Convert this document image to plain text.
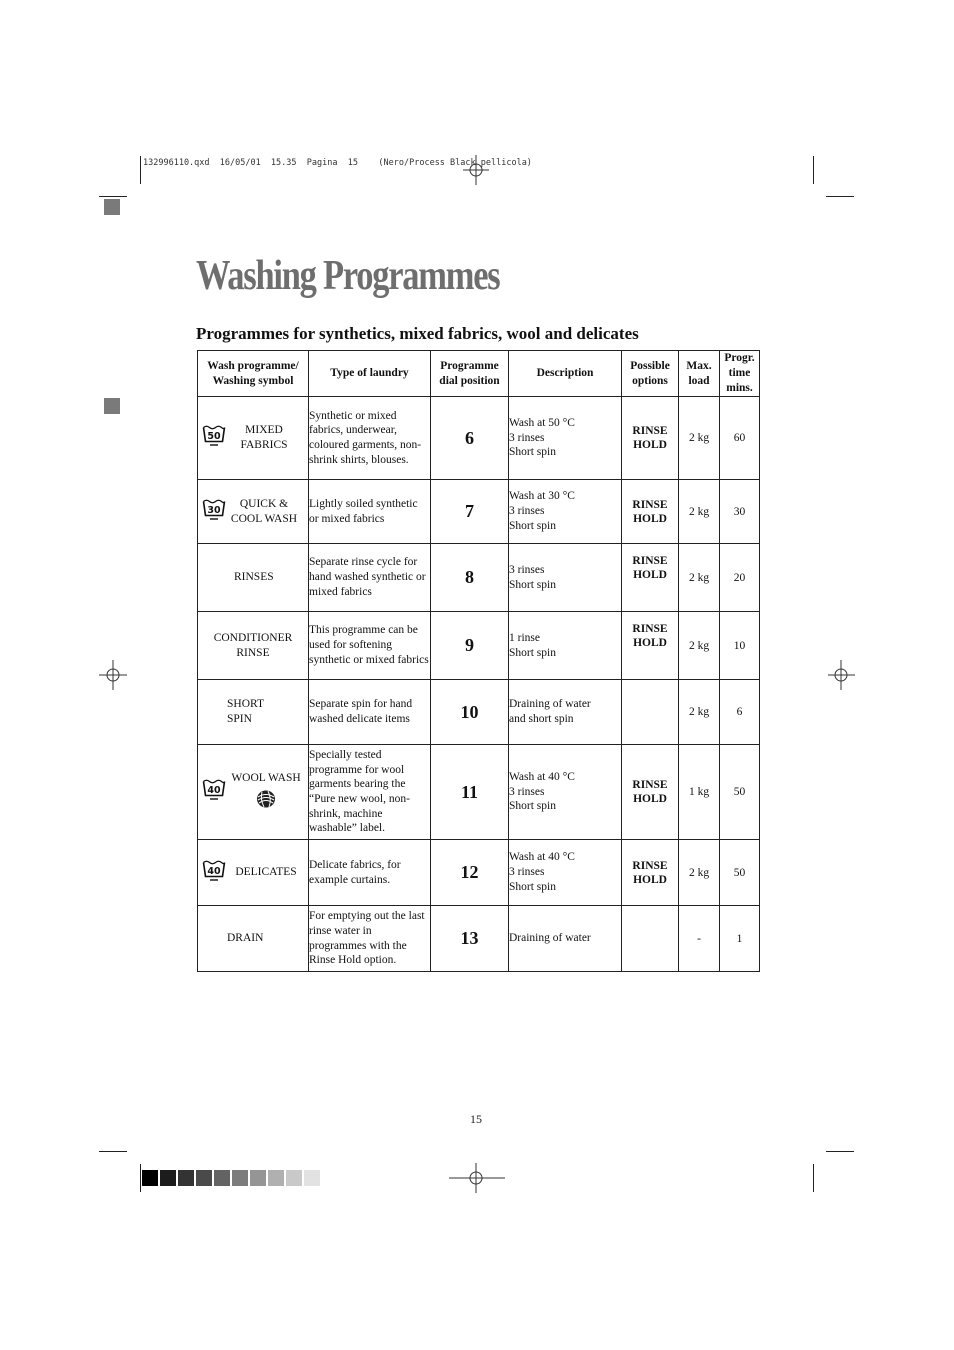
132996110.qxd  16/05/01  15.35  Pagina  15    (Nero/Process Black pellicola)
Washing Programmes
Programmes for synthetics, mixed fabrics, wool and delicates
Wash programme/
Washing symbol	Type of laundry	Programme
dial position	Description	Possible
options	Max.
load	Progr.
time
mins.

50
MIXED
FABRICS	Synthetic or mixed fabrics, underwear, coloured garments, non-shrink shirts, blouses.	6	Wash at 50 °C
3 rinses
Short spin	RINSE
HOLD	2 kg	60

30
QUICK &
COOL WASH	Lightly soiled synthetic or mixed fabrics	7	Wash at 30 °C
3 rinses
Short spin	RINSE
HOLD	2 kg	30
RINSES	Separate rinse cycle for hand washed synthetic or mixed fabrics	8	3 rinses
Short spin	RINSE
HOLD	2 kg	20
CONDITIONER
RINSE	This programme can be used for softening synthetic or mixed fabrics	9	1 rinse
Short spin	RINSE
HOLD	2 kg	10
SHORT
SPIN	Separate spin for hand washed delicate items	10	Draining of water
and short spin		2 kg	6

40
WOOL WASH	Specially tested programme for wool garments bearing the “Pure new wool, non-shrink, machine washable” label.	11	Wash at 40 °C
3 rinses
Short spin	RINSE
HOLD	1 kg	50

40 DELICATES	Delicate fabrics, for example curtains.	12	Wash at 40 °C
3 rinses
Short spin	RINSE
HOLD	2 kg	50
DRAIN	For emptying out the last rinse water in programmes with the Rinse Hold option.	13	Draining of water		-	1
15
